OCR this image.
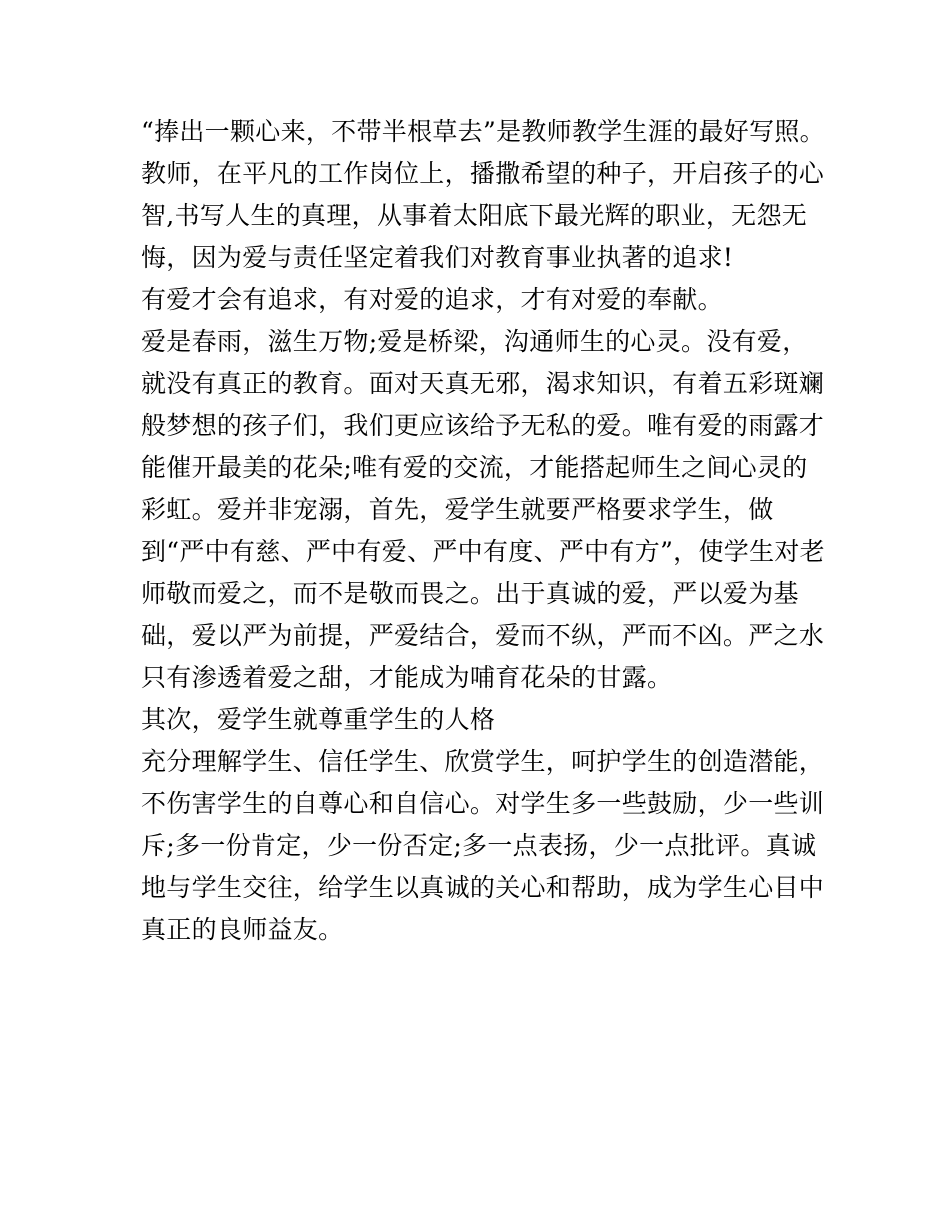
“捧出一颗心来，不带半根草去”是教师教学生涯的最好写照。
教师，在平凡的工作岗位上，播撒希望的种子，开启孩子的心
智,书写人生的真理，从事着太阳底下最光辉的职业，无怨无
悔，因为爱与责任坚定着我们对教育事业执著的追求!
有爱才会有追求，有对爱的追求，才有对爱的奉献。
爱是春雨，滋生万物;爱是桥梁，沟通师生的心灵。没有爱，
就没有真正的教育。面对天真无邪，渴求知识，有着五彩斑斓
般梦想的孩子们，我们更应该给予无私的爱。唯有爱的雨露才
能催开最美的花朵;唯有爱的交流，才能搭起师生之间心灵的
彩虹。爱并非宠溺，首先，爱学生就要严格要求学生，做
到“严中有慈、严中有爱、严中有度、严中有方”，使学生对老
师敬而爱之，而不是敬而畏之。出于真诚的爱，严以爱为基
础，爱以严为前提，严爱结合，爱而不纵，严而不凶。严之水
只有渗透着爱之甜，才能成为哺育花朵的甘露。
其次，爱学生就尊重学生的人格
充分理解学生、信任学生、欣赏学生，呵护学生的创造潜能，
不伤害学生的自尊心和自信心。对学生多一些鼓励，少一些训
斥;多一份肯定，少一份否定;多一点表扬，少一点批评。真诚
地与学生交往，给学生以真诚的关心和帮助，成为学生心目中
真正的良师益友。
